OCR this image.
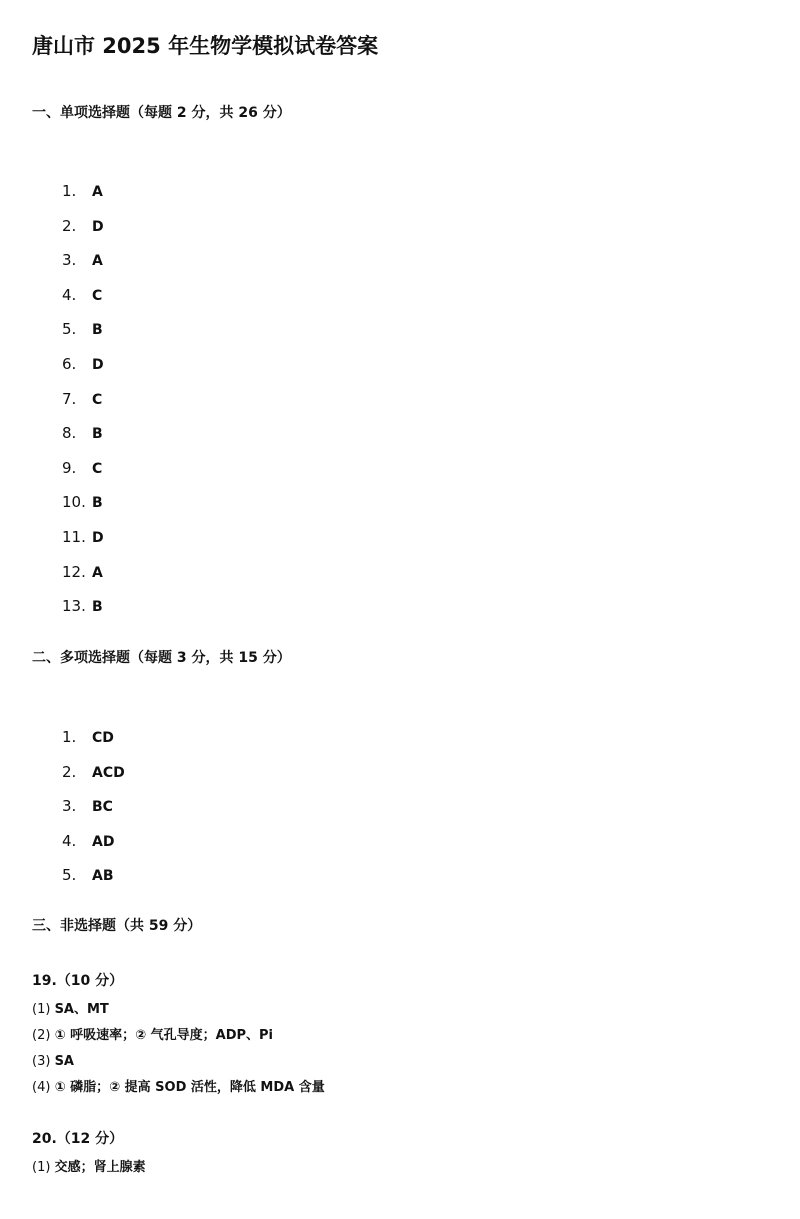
唐山市 2025 年生物学模拟试卷答案
一、单项选择题（每题 2 分，共 26 分）
1. A
2. D
3. A
4. C
5. B
6. D
7. C
8. B
9. C
10. B
11. D
12. A
13. B
二、多项选择题（每题 3 分，共 15 分）
1. CD
2. ACD
3. BC
4. AD
5. AB
三、非选择题（共 59 分）
19.（10 分）
(1) SA、MT
(2) ① 呼吸速率；② 气孔导度；ADP、Pi
(3) SA
(4) ① 磷脂；② 提高 SOD 活性，降低 MDA 含量
20.（12 分）
(1) 交感；肾上腺素
